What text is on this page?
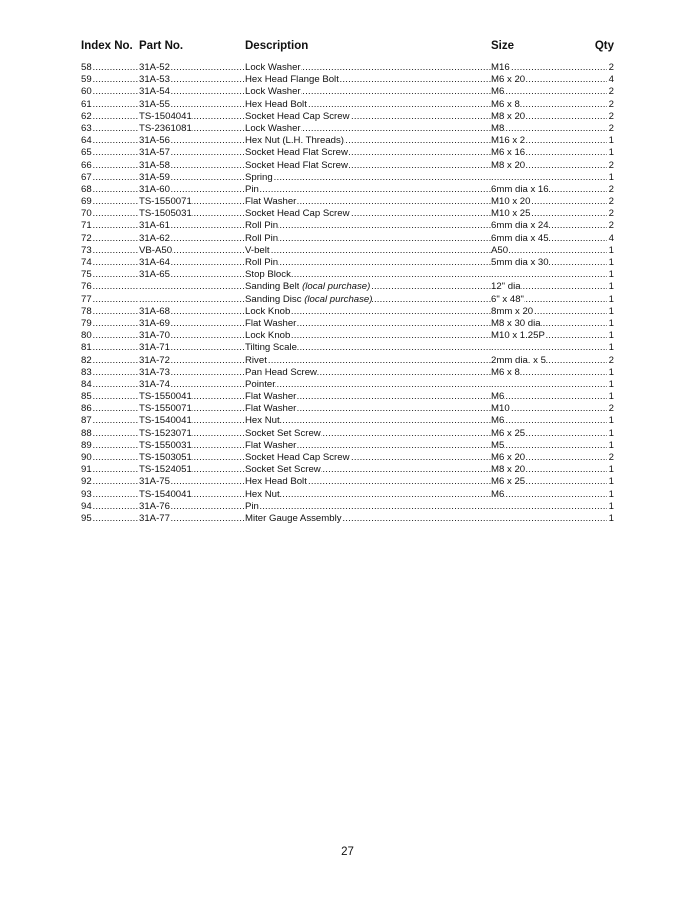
Index No. Part No.	Description	Size	Qty
58 .....	31A-52 .....	Lock Washer .....	M16 .....	2
59 .....	31A-53 .....	Hex Head Flange Bolt .....	M6 x 20 .....	4
60 .....	31A-54 .....	Lock Washer .....	M6 .....	2
61 .....	31A-55 .....	Hex Head Bolt .....	M6 x 8 .....	2
62 .....	TS-1504041 .....	Socket Head Cap Screw .....	M8 x 20 .....	2
63 .....	TS-2361081 .....	Lock Washer .....	M8 .....	2
64 .....	31A-56 .....	Hex Nut (L.H. Threads) .....	M16 x 2 .....	1
65 .....	31A-57 .....	Socket Head Flat Screw .....	M6 x 16 .....	1
66 .....	31A-58 .....	Socket Head Flat Screw .....	M8 x 20 .....	2
67 .....	31A-59 .....	Spring ..... .....	1
68 .....	31A-60 .....	Pin .....	6mm dia x 16 .....	2
69 .....	TS-1550071 .....	Flat Washer .....	M10 x 20 .....	2
70 .....	TS-1505031 .....	Socket Head Cap Screw .....	M10 x 25 .....	2
71 .....	31A-61 .....	Roll Pin .....	6mm dia x 24 .....	2
72 .....	31A-62 .....	Roll Pin .....	6mm dia x 45 .....	4
73 .....	VB-A50 .....	V-belt .....	A50 .....	1
74 .....	31A-64 .....	Roll Pin .....	5mm dia x 30 .....	1
75 .....	31A-65 .....	Stop Block ..... .....	1
76 ..... .....	Sanding Belt (local purchase) .....	12" dia .....	1
77 ..... .....	Sanding Disc (local purchase) .....	6" x 48" .....	1
78 .....	31A-68 .....	Lock Knob .....	8mm x 20 .....	1
79 .....	31A-69 .....	Flat Washer .....	M8 x 30 dia .....	1
80 .....	31A-70 .....	Lock Knob .....	M10 x 1.25P .....	1
81 .....	31A-71 .....	Tilting Scale ..... .....	1
82 .....	31A-72 .....	Rivet .....	2mm dia. x 5 .....	2
83 .....	31A-73 .....	Pan Head Screw .....	M6 x 8 .....	1
84 .....	31A-74 .....	Pointer ..... .....	1
85 .....	TS-1550041 .....	Flat Washer .....	M6 .....	1
86 .....	TS-1550071 .....	Flat Washer .....	M10 .....	2
87 .....	TS-1540041 .....	Hex Nut .....	M6 .....	1
88 .....	TS-1523071 .....	Socket Set Screw .....	M6 x 25 .....	1
89 .....	TS-1550031 .....	Flat Washer .....	M5 .....	1
90 .....	TS-1503051 .....	Socket Head Cap Screw .....	M6 x 20 .....	2
91 .....	TS-1524051 .....	Socket Set Screw .....	M8 x 20 .....	1
92 .....	31A-75 .....	Hex Head Bolt .....	M6 x 25 .....	1
93 .....	TS-1540041 .....	Hex Nut .....	M6 .....	1
94 .....	31A-76 .....	Pin ..... .....	1
95 .....	31A-77 .....	Miter Gauge Assembly ..... .....	1
27
